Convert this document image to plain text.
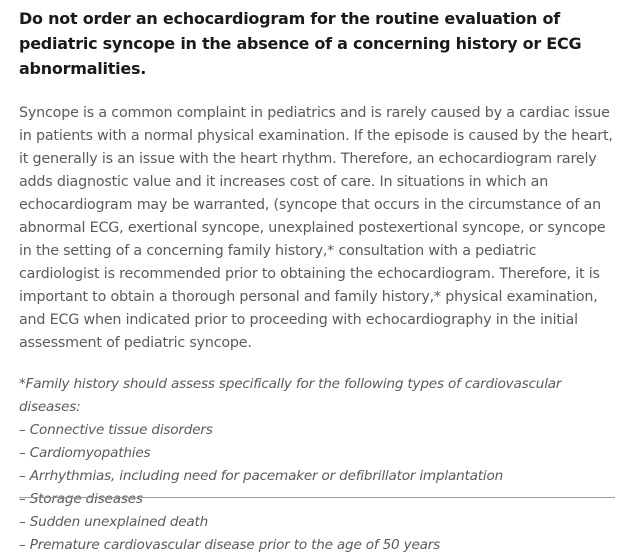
Do not order an echocardiogram for the routine evaluation of pediatric syncope in the absence of a concerning history or ECG abnormalities.

Syncope is a common complaint in pediatrics and is rarely caused by a cardiac issue in patients with a normal physical examination. If the episode is caused by the heart, it generally is an issue with the heart rhythm. Therefore, an echocardiogram rarely adds diagnostic value and it increases cost of care. In situations in which an echocardiogram may be warranted, (syncope that occurs in the circumstance of an abnormal ECG, exertional syncope, unexplained postexertional syncope, or syncope in the setting of a concerning family history,* consultation with a pediatric cardiologist is recommended prior to obtaining the echocardiogram. Therefore, it is important to obtain a thorough personal and family history,* physical examination, and ECG when indicated prior to proceeding with echocardiography in the initial assessment of pediatric syncope.

*Family history should assess specifically for the following types of cardiovascular diseases:

– Connective tissue disorders
– Cardiomyopathies
– Arrhythmias, including need for pacemaker or defibrillator implantation
– Storage diseases
– Sudden unexplained death
– Premature cardiovascular disease prior to the age of 50 years
